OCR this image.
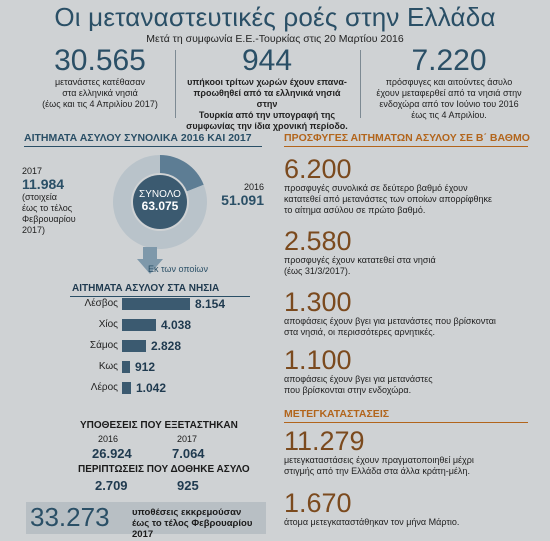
Οι μεταναστευτικές ροές στην Ελλάδα
Μετά τη συμφωνία Ε.Ε.-Τουρκίας στις 20 Μαρτίου 2016
30.565
μετανάστες κατέθασαν
στα ελληνικά νησιά
(έως και τις 4 Απριλίου 2017)
944
υπήκοοι τρίτων χωρών έχουν επανα-
προωθηθεί από τα ελληνικά νησιά στην
Τουρκία από την υπογραφή της
συμφωνίας την ίδια χρονική περίοδο.
7.220
πρόσφυγες και αιτούντες άσυλο
έχουν μεταφερθεί από τα νησιά στην
ενδοχώρα από τον Ιούνιο του 2016
έως τις 4 Απριλίου.
ΑΙΤΗΜΑΤΑ ΑΣΥΛΟΥ ΣΥΝΟΛΙΚΑ 2016 ΚΑΙ 2017
2017
11.984
(στοιχεία
έως το τέλος
Φεβρουαρίου
2017)
ΣΥΝΟΛΟ
63.075
2016
51.091
Εκ των οποίων
ΑΙΤΗΜΑΤΑ ΑΣΥΛΟΥ ΣΤΑ ΝΗΣΙΑ
Λέσβος	8.154
Χίος	4.038
Σάμος	2.828
Κως 912
Λέρος 1.042
ΥΠΟΘΕΣΕΙΣ ΠΟΥ ΕΞΕΤΑΣΤΗΚΑΝ
2016	2017
26.924	7.064
ΠΕΡΙΠΤΩΣΕΙΣ ΠΟΥ ΔΟΘΗΚΕ ΑΣΥΛΟ
2.709	925
33.273 υποθέσεις εκκρεμούσαν
έως το τέλος Φεβρουαρίου 2017
ΠΡΟΣΦΥΓΕΣ ΑΙΤΗΜΑΤΩΝ ΑΣΥΛΟΥ ΣΕ Β΄ ΒΑΘΜΟ
6.200
προσφυγές συνολικά σε δεύτερο βαθμό έχουν
κατατεθεί από μετανάστες των οποίων απορρίφθηκε
το αίτημα ασύλου σε πρώτο βαθμό.
2.580
προσφυγές έχουν κατατεθεί στα νησιά
(έως 31/3/2017).
1.300
αποφάσεις έχουν βγει για μετανάστες που βρίσκονται
στα νησιά, οι περισσότερες αρνητικές.
1.100
αποφάσεις έχουν βγει για μετανάστες
που βρίσκονται στην ενδοχώρα.
ΜΕΤΕΓΚΑΤΑΣΤΑΣΕΙΣ
11.279
μετεγκαταστάσεις έχουν πραγματοποιηθεί μέχρι
στιγμής από την Ελλάδα στα άλλα κράτη-μέλη.
1.670
άτομα μετεγκαταστάθηκαν τον μήνα Μάρτιο.
